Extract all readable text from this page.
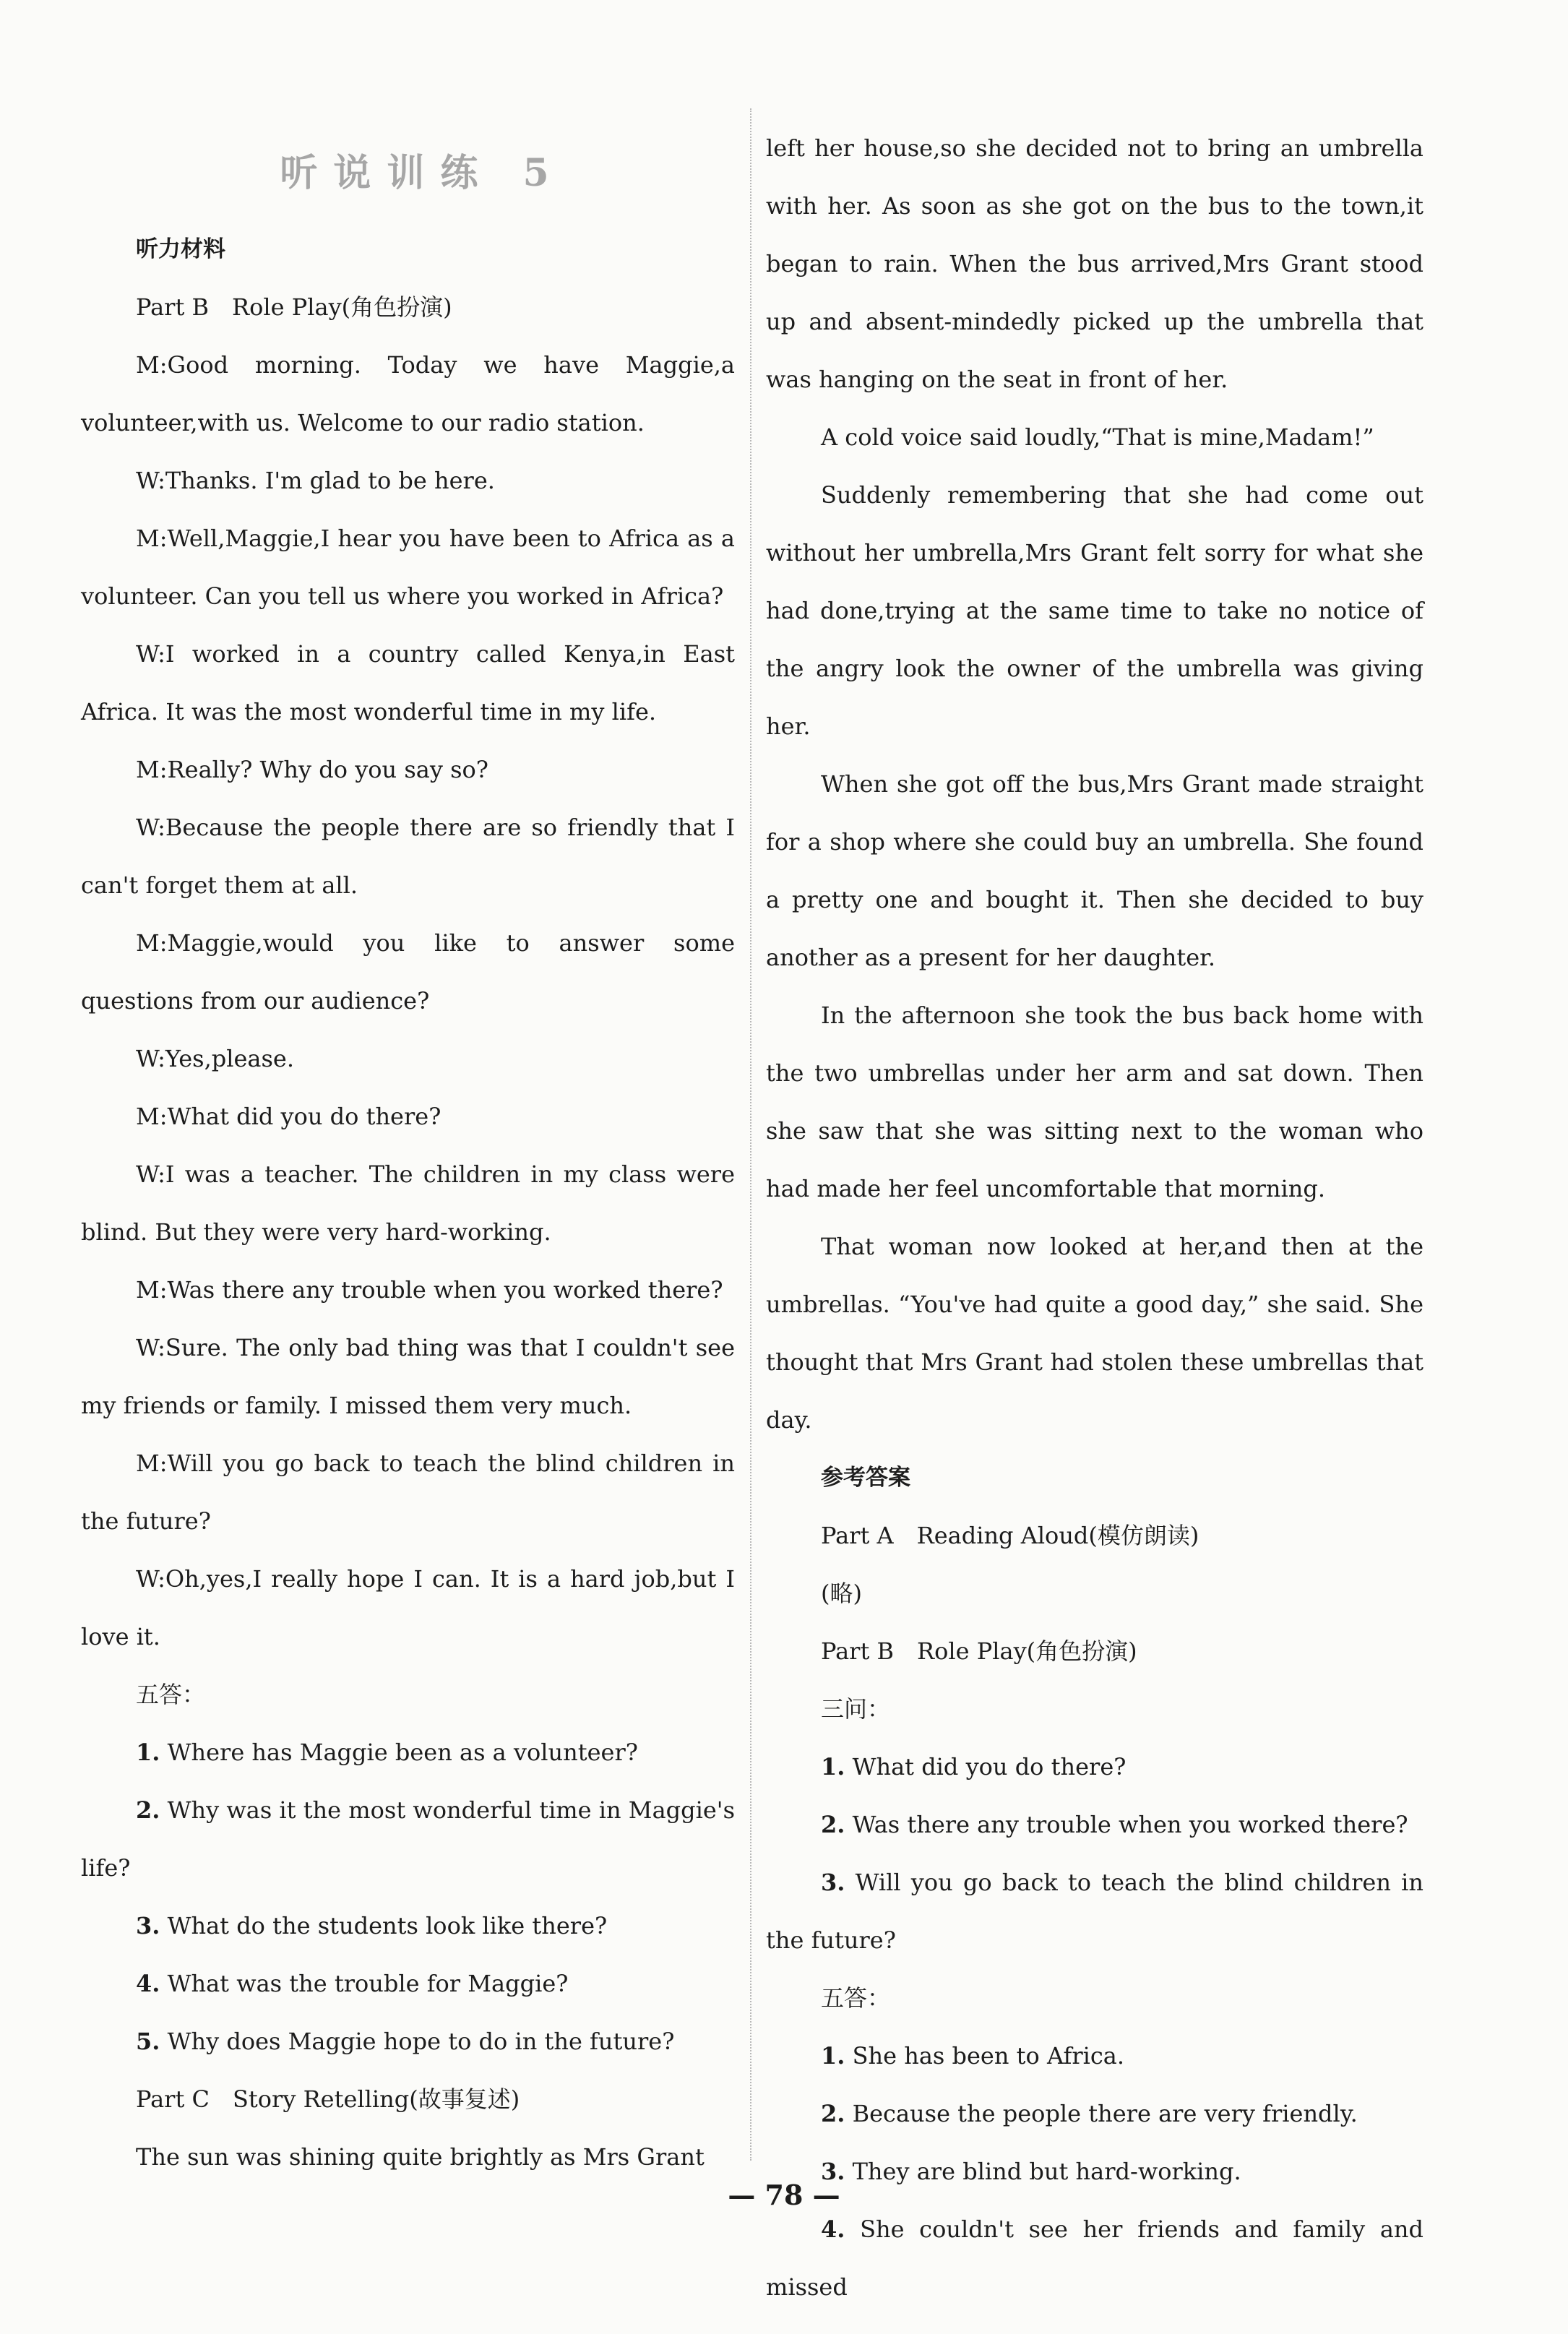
听说训练 5
听力材料

Part B　Role Play(角色扮演)

M:Good morning. Today we have Maggie,a volunteer,with us. Welcome to our radio station.

W:Thanks. I'm glad to be here.

M:Well,Maggie,I hear you have been to Africa as a volunteer. Can you tell us where you worked in Africa?

W:I worked in a country called Kenya,in East Africa. It was the most wonderful time in my life.

M:Really? Why do you say so?

W:Because the people there are so friendly that I can't forget them at all.

M:Maggie,would you like to answer some questions from our audience?

W:Yes,please.

M:What did you do there?

W:I was a teacher. The children in my class were blind. But they were very hard-working.

M:Was there any trouble when you worked there?

W:Sure. The only bad thing was that I couldn't see my friends or family. I missed them very much.

M:Will you go back to teach the blind children in the future?

W:Oh,yes,I really hope I can. It is a hard job,but I love it.

五答：

1. Where has Maggie been as a volunteer?

2. Why was it the most wonderful time in Maggie's life?

3. What do the students look like there?

4. What was the trouble for Maggie?

5. Why does Maggie hope to do in the future?

Part C　Story Retelling(故事复述)

The sun was shining quite brightly as Mrs Grant

left her house,so she decided not to bring an umbrella with her. As soon as she got on the bus to the town,it began to rain. When the bus arrived,Mrs Grant stood up and absent-mindedly picked up the umbrella that was hanging on the seat in front of her.

A cold voice said loudly,“That is mine,Madam!”

Suddenly remembering that she had come out without her umbrella,Mrs Grant felt sorry for what she had done,trying at the same time to take no notice of the angry look the owner of the umbrella was giving her.

When she got off the bus,Mrs Grant made straight for a shop where she could buy an umbrella. She found a pretty one and bought it. Then she decided to buy another as a present for her daughter.

In the afternoon she took the bus back home with the two umbrellas under her arm and sat down. Then she saw that she was sitting next to the woman who had made her feel uncomfortable that morning.

That woman now looked at her,and then at the umbrellas. “You've had quite a good day,” she said. She thought that Mrs Grant had stolen these umbrellas that day.

参考答案

Part A　Reading Aloud(模仿朗读)

(略)

Part B　Role Play(角色扮演)

三问：

1. What did you do there?

2. Was there any trouble when you worked there?

3. Will you go back to teach the blind children in the future?

五答：

1. She has been to Africa.

2. Because the people there are very friendly.

3. They are blind but hard-working.

4. She couldn't see her friends and family and missed

— 78 —
